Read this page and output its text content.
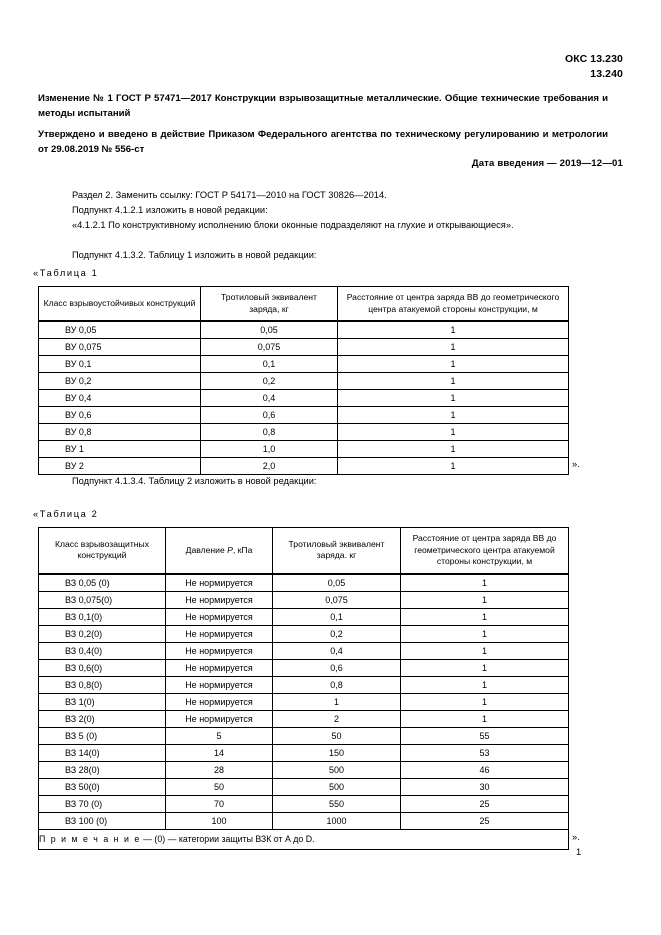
ОКС 13.230
13.240
Изменение № 1 ГОСТ Р 57471—2017 Конструкции взрывозащитные металлические. Общие технические требования и методы испытаний
Утверждено и введено в действие Приказом Федерального агентства по техническому регулированию и метрологии от 29.08.2019 № 556-ст
Дата введения — 2019—12—01
Раздел 2. Заменить ссылку: ГОСТ Р 54171—2010 на ГОСТ 30826—2014.
Подпункт 4.1.2.1 изложить в новой редакции:
«4.1.2.1 По конструктивному исполнению блоки оконные подразделяют на глухие и открывающиеся».
Подпункт 4.1.3.2. Таблицу 1 изложить в новой редакции:
«Таблица 1
Класс взрывоустойчивых конструкций	Тротиловый эквивалент заряда, кг	Расстояние от центра заряда ВВ до геометрического центра атакуемой стороны конструкции, м
ВУ 0,05	0,05	1
ВУ 0,075	0,075	1
ВУ 0,1	0,1	1
ВУ 0,2	0,2	1
ВУ 0,4	0,4	1
ВУ 0,6	0,6	1
ВУ 0,8	0,8	1
ВУ 1	1,0	1
ВУ 2	2,0	1	».
Подпункт 4.1.3.4. Таблицу 2 изложить в новой редакции:
«Таблица 2
Класс взрывозащитных конструкций	Давление Р, кПа	Тротиловый эквивалент заряда. кг	Расстояние от центра заряда ВВ до геометрического центра атакуемой стороны конструкции, м
ВЗ 0,05 (0)	Не нормируется	0,05	1
ВЗ 0,075(0)	Не нормируется	0,075	1
ВЗ 0,1(0)	Не нормируется	0,1	1
ВЗ 0,2(0)	Не нормируется	0,2	1
ВЗ 0,4(0)	Не нормируется	0,4	1
ВЗ 0,6(0)	Не нормируется	0,6	1
ВЗ 0,8(0)	Не нормируется	0,8	1
ВЗ 1(0)	Не нормируется	1	1
ВЗ 2(0)	Не нормируется	2	1
ВЗ 5 (0)	5	50	55
ВЗ 14(0)	14	150	53
ВЗ 28(0)	28	500	46
ВЗ 50(0)	50	500	30
ВЗ 70 (0)	70	550	25
ВЗ 100 (0)	100	1000	25
П р и м е ч а н и е — (0) — категории защиты ВЗК от А до D.				».
1
